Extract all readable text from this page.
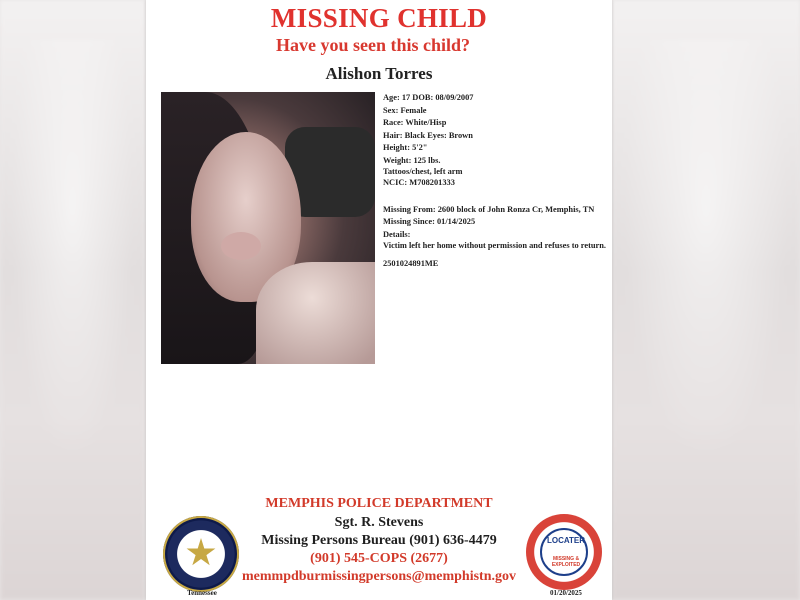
MISSING CHILD
Have you seen this child?
Alishon Torres
Age: 17 DOB: 08/09/2007
Sex: Female
Race: White/Hisp
Hair: Black Eyes: Brown
Height: 5'2"
Weight: 125 lbs.
Tattoos/chest, left arm
NCIC: M708201333
Missing From: 2600 block of John Ronza Cr, Memphis, TN
Missing Since: 01/14/2025
Details:
Victim left her home without permission and refuses to return.
2501024891ME
MEMPHIS POLICE DEPARTMENT
Sgt. R. Stevens
Missing Persons Bureau (901) 636-4479
(901) 545-COPS (2677)
memmpdburmissingpersons@memphistn.gov
Tennessee
LOCATER
MISSING & EXPLOITED
01/20/2025
